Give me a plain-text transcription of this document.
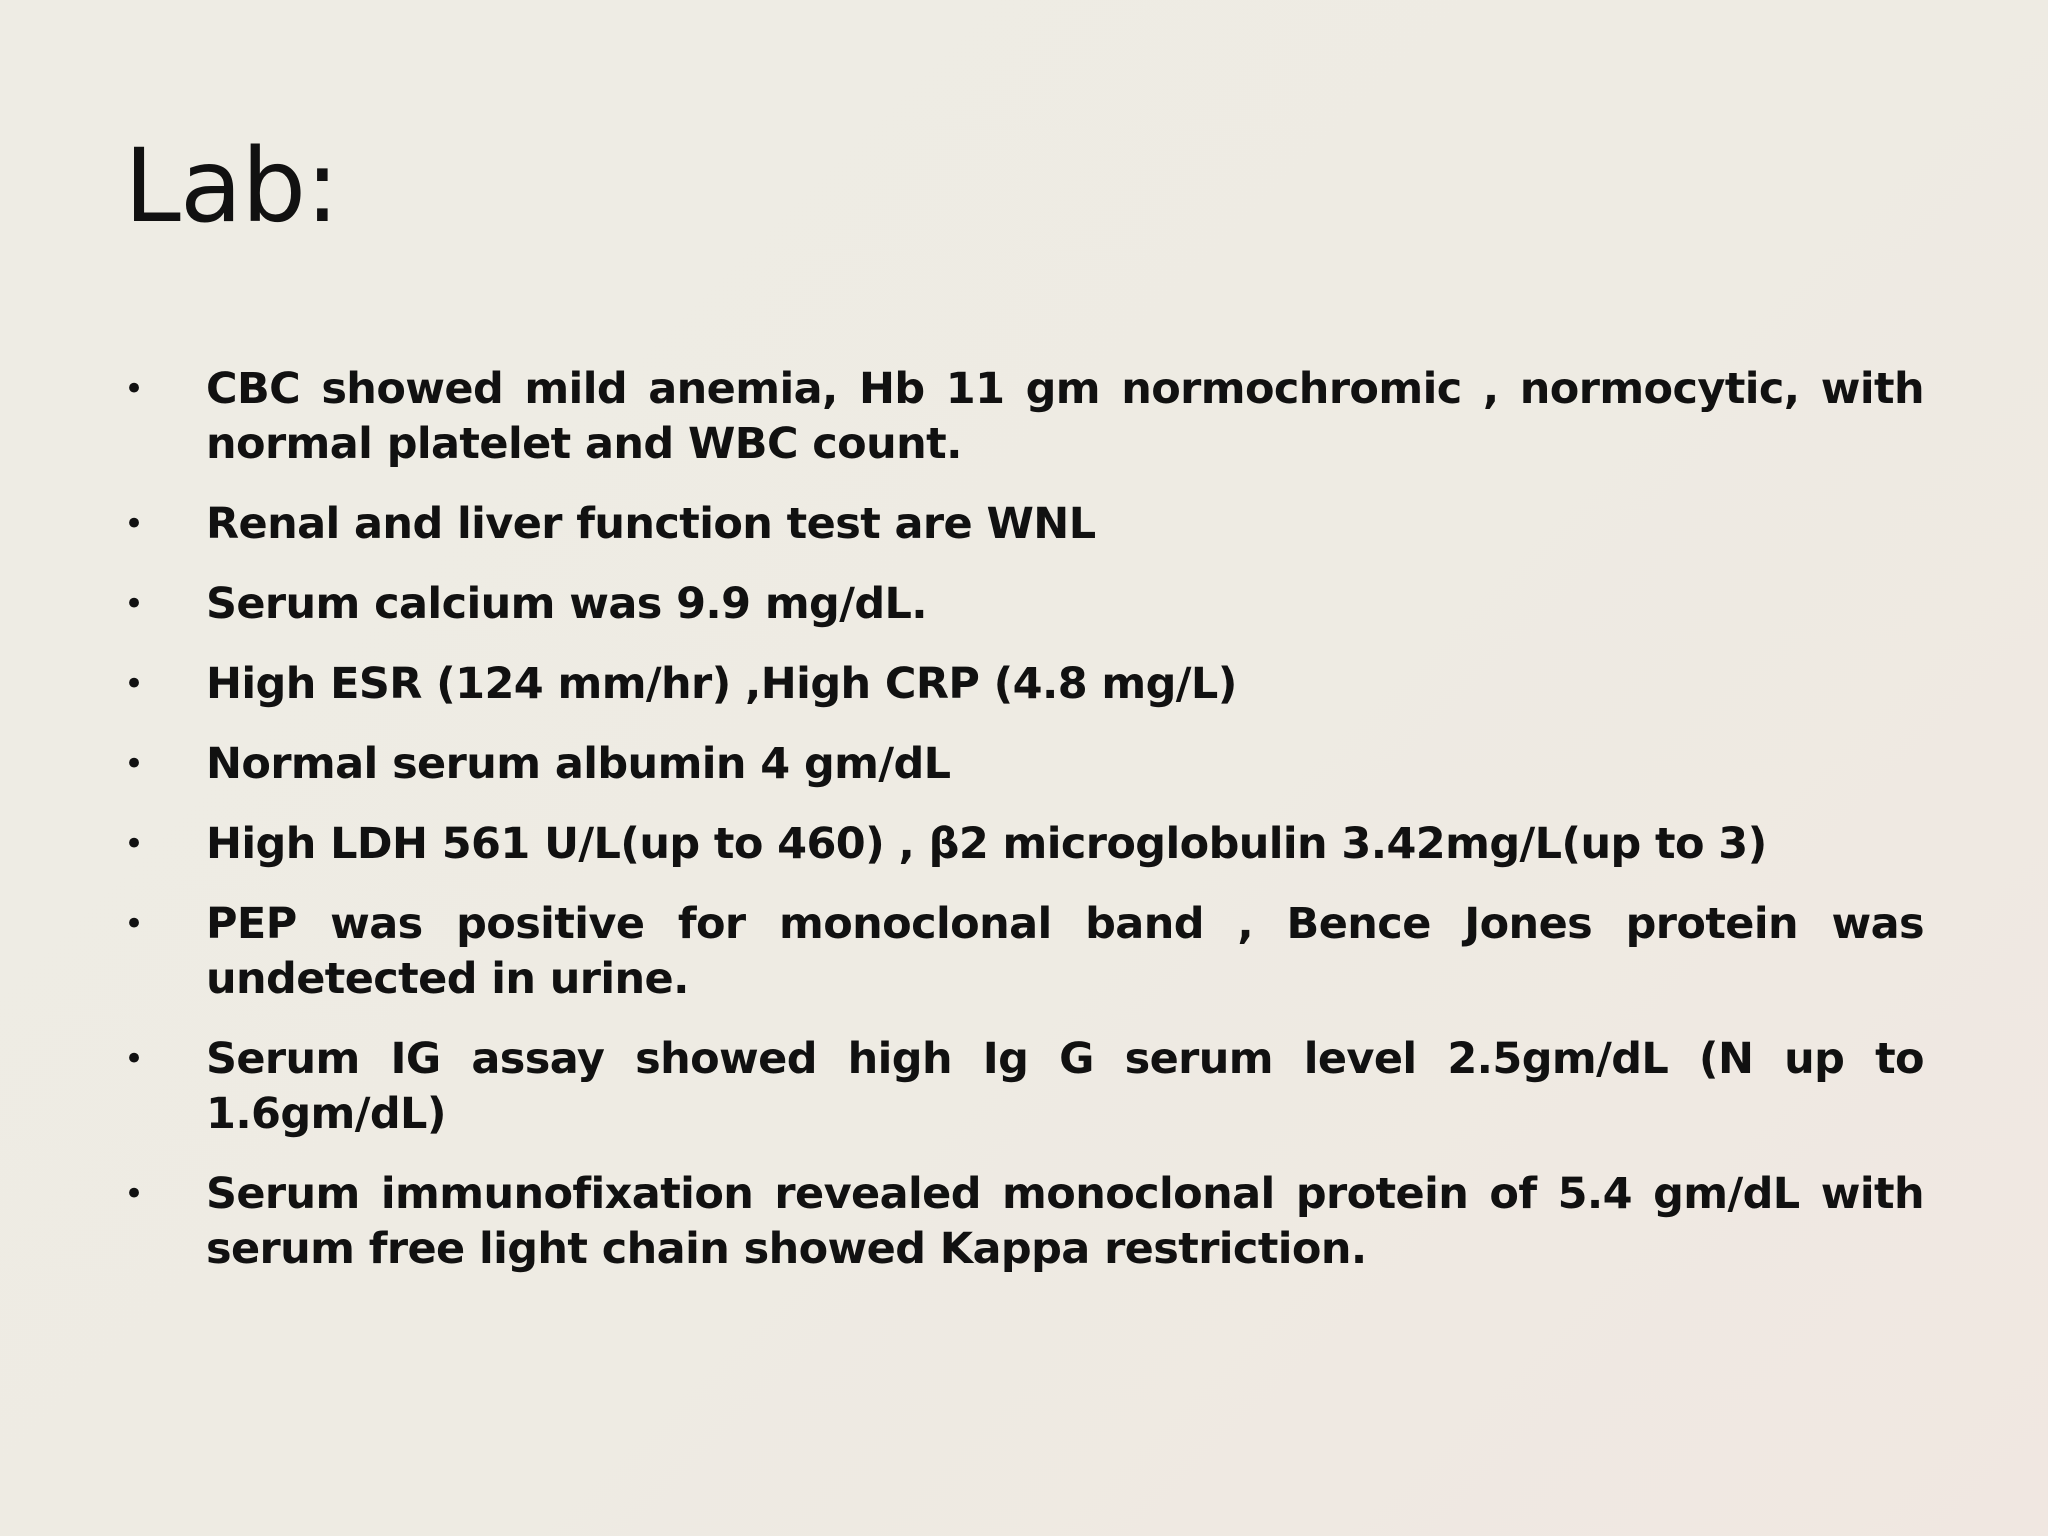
Lab:
•	CBC showed mild anemia, Hb 11 gm normochromic , normocytic, with normal platelet and WBC count.
•	Renal and liver function test are WNL
•	Serum calcium was 9.9 mg/dL.
•	High ESR (124 mm/hr) ,High CRP (4.8 mg/L)
•	Normal serum albumin 4 gm/dL
•	High LDH 561 U/L(up to 460) , β2 microglobulin 3.42mg/L(up to 3)
•	PEP was positive for monoclonal band , Bence Jones protein was undetected in urine.
•	Serum IG assay showed high Ig G serum level 2.5gm/dL (N up to 1.6gm/dL)
•	Serum immunofixation revealed monoclonal protein of 5.4 gm/dL with serum free light chain showed Kappa restriction.
